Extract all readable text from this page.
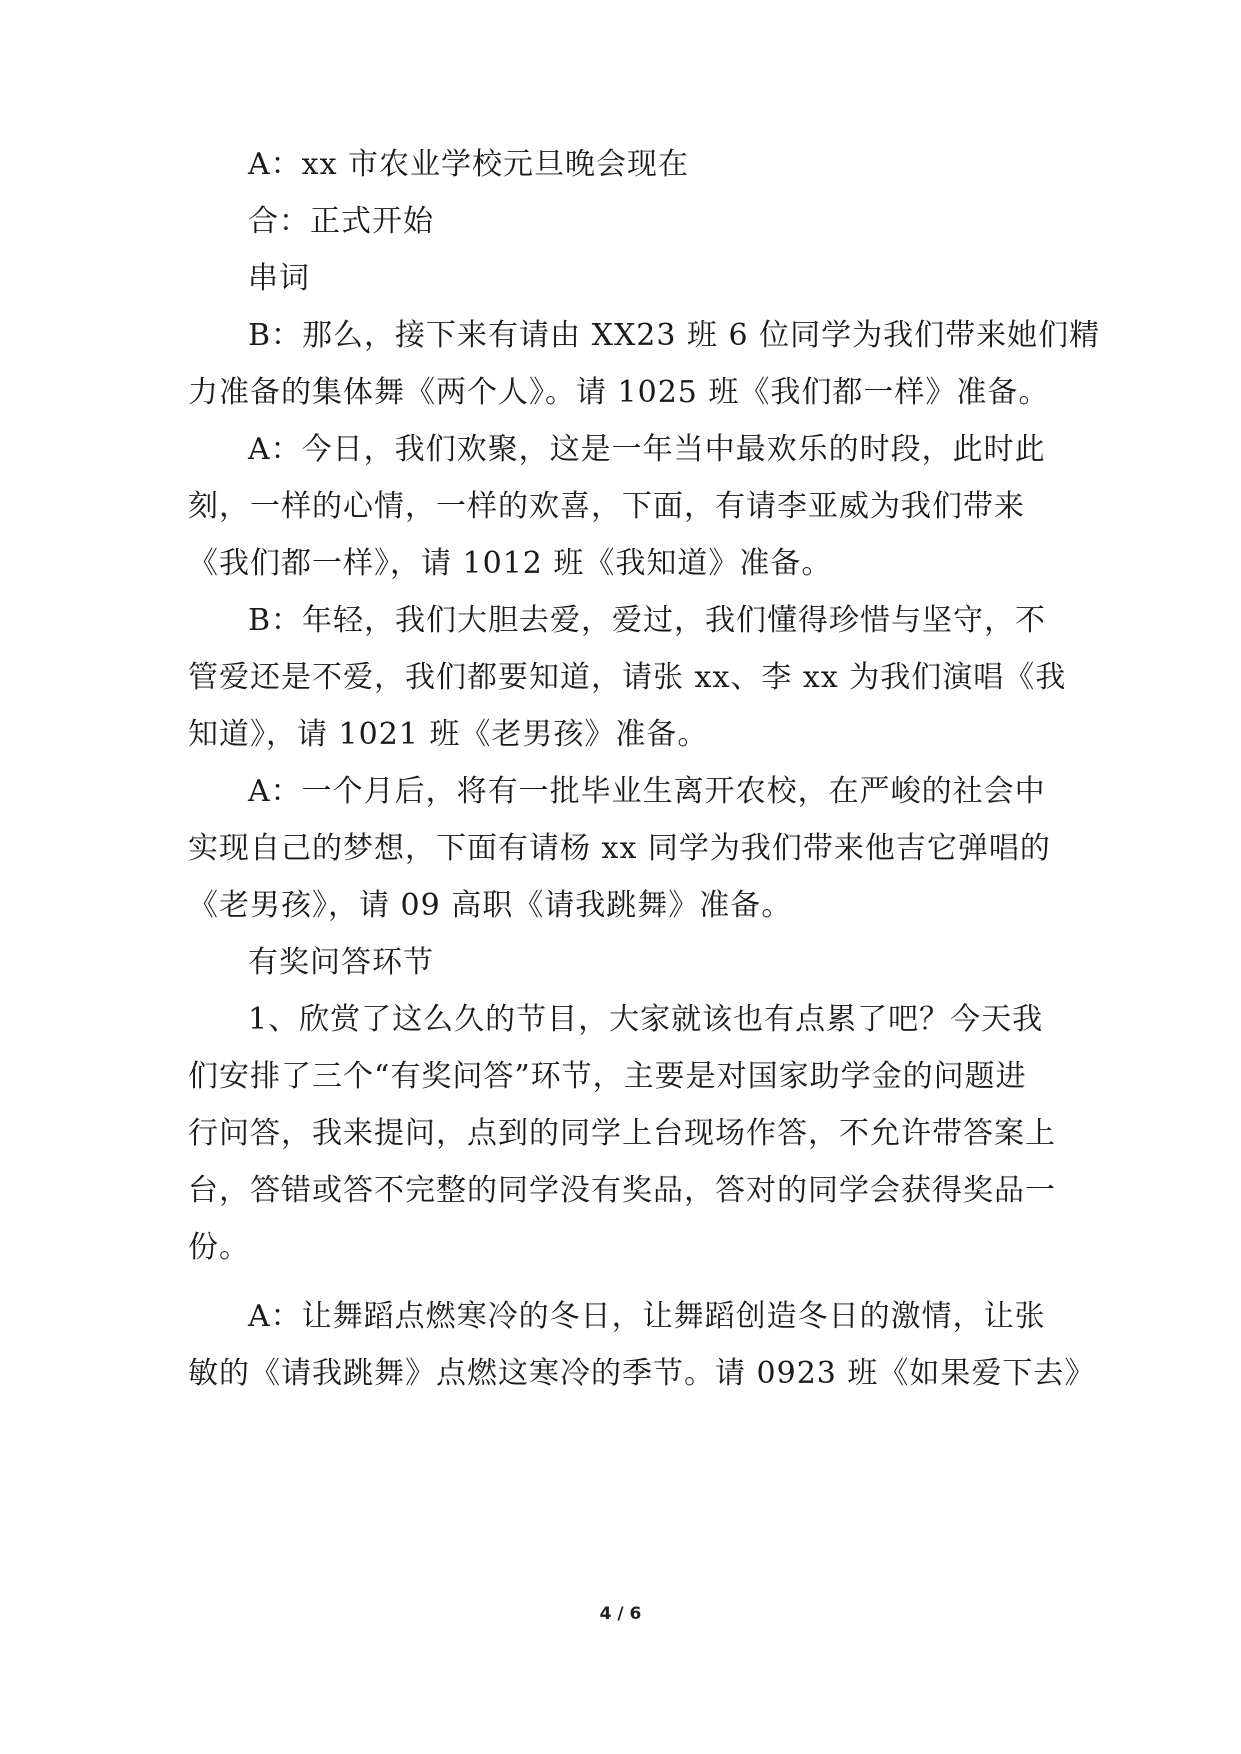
A：xx 市农业学校元旦晚会现在
合：正式开始
串词
B：那么，接下来有请由 XX23 班 6 位同学为我们带来她们精
力准备的集体舞《两个人》。请 1025 班《我们都一样》准备。
A：今日，我们欢聚，这是一年当中最欢乐的时段，此时此
刻，一样的心情，一样的欢喜，下面，有请李亚威为我们带来
《我们都一样》，请 1012 班《我知道》准备。
B：年轻，我们大胆去爱，爱过，我们懂得珍惜与坚守，不
管爱还是不爱，我们都要知道，请张 xx、李 xx 为我们演唱《我
知道》，请 1021 班《老男孩》准备。
A：一个月后，将有一批毕业生离开农校，在严峻的社会中
实现自己的梦想，下面有请杨 xx 同学为我们带来他吉它弹唱的
《老男孩》，请 09 高职《请我跳舞》准备。
有奖问答环节
1、欣赏了这么久的节目，大家就该也有点累了吧？今天我
们安排了三个“有奖问答”环节，主要是对国家助学金的问题进
行问答，我来提问，点到的同学上台现场作答，不允许带答案上
台，答错或答不完整的同学没有奖品，答对的同学会获得奖品一
份。
A：让舞蹈点燃寒冷的冬日，让舞蹈创造冬日的激情，让张
敏的《请我跳舞》点燃这寒冷的季节。请 0923 班《如果爱下去》
4 / 6
